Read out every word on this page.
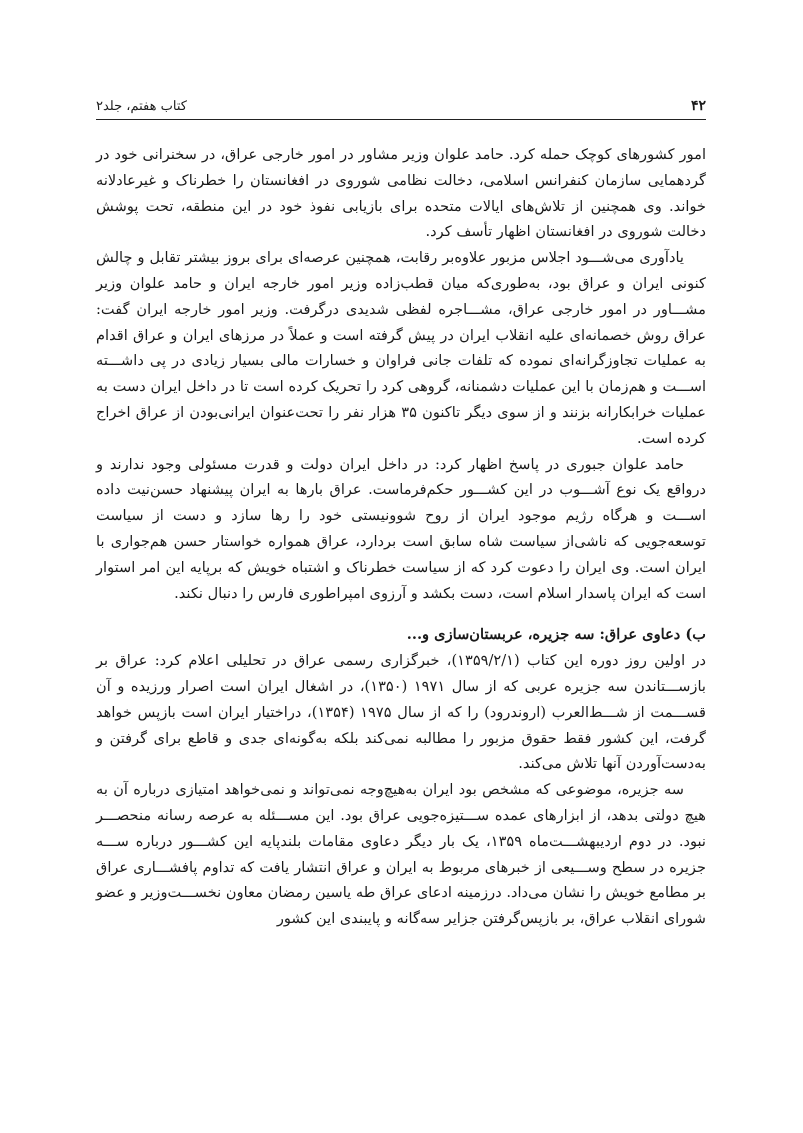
۴۲
کتاب هفتم، جلد۲

امور کشورهای کوچک حمله کرد. حامد علوان وزیر مشاور در امور خارجی عراق، در سخنرانی خود در گردهمایی سازمان کنفرانس اسلامی، دخالت نظامی شوروی در افغانستان را خطرناک و غیرعادلانه خواند. وی همچنین از تلاش‌های ایالات متحده برای بازیابی نفوذ خود در این منطقه، تحت پوشش دخالت شوروی در افغانستان اظهار تأسف کرد.

یادآوری می‌شـــود اجلاس مزبور علاوه‌بر رقابت، همچنین عرصه‌ای برای بروز بیشتر تقابل و چالش کنونی ایران و عراق بود، به‌طوری‌که میان قطب‌زاده وزیر امور خارجه ایران و حامد علوان وزیر مشـــاور در امور خارجی عراق، مشـــاجره لفظی شدیدی درگرفت. وزیر امور خارجه ایران گفت: عراق روش خصمانه‌ای علیه انقلاب ایران در پیش گرفته است و عملاً در مرزهای ایران و عراق اقدام به عملیات تجاوزگرانه‌ای نموده که تلفات جانی فراوان و خسارات مالی بسیار زیادی در پی داشـــته اســـت و هم‌زمان با این عملیات دشمنانه، گروهی کرد را تحریک کرده است تا در داخل ایران دست به عملیات خرابکارانه بزنند و از سوی دیگر تاکنون ۳۵ هزار نفر را تحت‌عنوان ایرانی‌بودن از عراق اخراج کرده است.

حامد علوان جبوری در پاسخ اظهار کرد: در داخل ایران دولت و قدرت مسئولی وجود ندارند و درواقع یک نوع آشـــوب در این کشـــور حکم‌فرماست. عراق بارها به ایران پیشنهاد حسن‌نیت داده اســـت و هرگاه رژیم موجود ایران از روح شوونیستی خود را رها سازد و دست از سیاست توسعه‌جویی که ناشی‌از سیاست شاه سابق است بردارد، عراق همواره خواستار حسن هم‌جواری با ایران است. وی ایران را دعوت کرد که از سیاست خطرناک و اشتباه خویش که برپایه این امر استوار است که ایران پاسدار اسلام است، دست بکشد و آرزوی امپراطوری فارس را دنبال نکند.

ب) دعاوی عراق: سه جزیره، عربستان‌سازی و...

در اولین روز دوره این کتاب (۱۳۵۹/۲/۱)، خبرگزاری رسمی عراق در تحلیلی اعلام کرد: عراق بر بازســـتاندن سه جزیره عربی که از سال ۱۹۷۱ (۱۳۵۰)، در اشغال ایران است اصرار ورزیده و آن قســـمت از شـــط‌العرب (اروندرود) را که از سال ۱۹۷۵ (۱۳۵۴)، دراختیار ایران است بازپس خواهد گرفت، این کشور فقط حقوق مزبور را مطالبه نمی‌کند بلکه به‌گونه‌ای جدی و قاطع برای گرفتن و به‌دست‌آوردن آنها تلاش می‌کند.

سه جزیره، موضوعی که مشخص بود ایران به‌هیچ‌وجه نمی‌تواند و نمی‌خواهد امتیازی درباره آن به هیچ دولتی بدهد، از ابزارهای عمده ســـتیزه‌جویی عراق بود. این مســـئله به عرصه رسانه منحصـــر نبود. در دوم اردیبهشـــت‌ماه ۱۳۵۹، یک بار دیگر دعاوی مقامات بلندپایه این کشـــور درباره ســـه جزیره در سطح وســـیعی از خبرهای مربوط به ایران و عراق انتشار یافت که تداوم پافشـــاری عراق بر مطامع خویش را نشان می‌داد. درزمینه ادعای عراق طه یاسین رمضان معاون نخســـت‌وزیر و عضو شورای انقلاب عراق، بر بازپس‌گرفتن جزایر سه‌گانه و پایبندی این کشور
